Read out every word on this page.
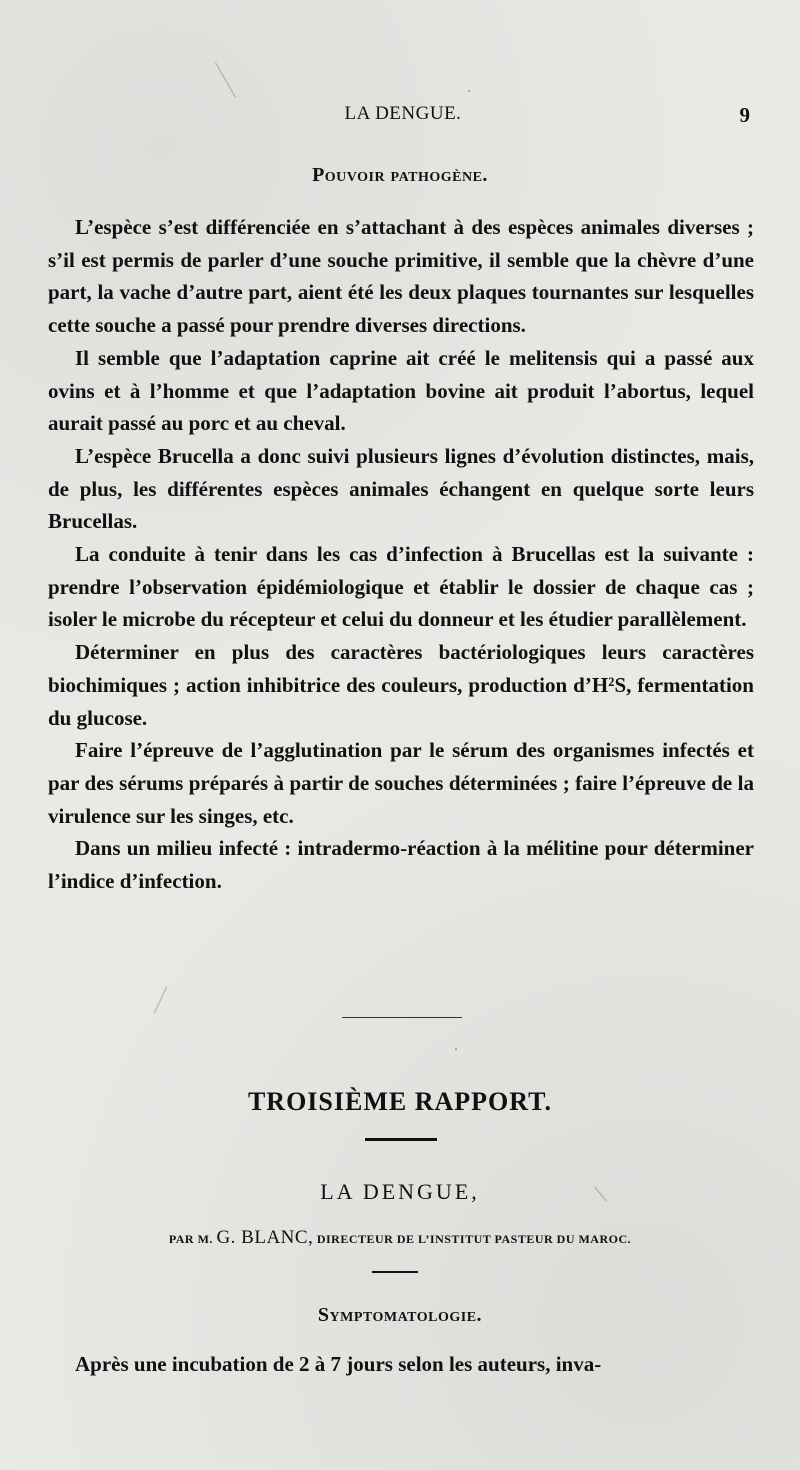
LA DENGUE.	9
Pouvoir pathogène.

L’espèce s’est différenciée en s’attachant à des espèces animales diverses ; s’il est permis de parler d’une souche primitive, il semble que la chèvre d’une part, la vache d’autre part, aient été les deux plaques tournantes sur lesquelles cette souche a passé pour prendre diverses directions.

Il semble que l’adaptation caprine ait créé le melitensis qui a passé aux ovins et à l’homme et que l’adaptation bovine ait produit l’abortus, lequel aurait passé au porc et au cheval.

L’espèce Brucella a donc suivi plusieurs lignes d’évolution distinctes, mais, de plus, les différentes espèces animales échangent en quelque sorte leurs Brucellas.

La conduite à tenir dans les cas d’infection à Brucellas est la suivante : prendre l’observation épidémiologique et établir le dossier de chaque cas ; isoler le microbe du récepteur et celui du donneur et les étudier parallèlement.

Déterminer en plus des caractères bactériologiques leurs caractères biochimiques ; action inhibitrice des couleurs, production d’H²S, fermentation du glucose.

Faire l’épreuve de l’agglutination par le sérum des organismes infectés et par des sérums préparés à partir de souches déterminées ; faire l’épreuve de la virulence sur les singes, etc.

Dans un milieu infecté : intradermo-réaction à la mélitine pour déterminer l’indice d’infection.

TROISIÈME RAPPORT.
LA DENGUE,
PAR M. G. BLANC, DIRECTEUR DE L’INSTITUT PASTEUR DU MAROC.
Symptomatologie.

Après une incubation de 2 à 7 jours selon les auteurs, inva-
